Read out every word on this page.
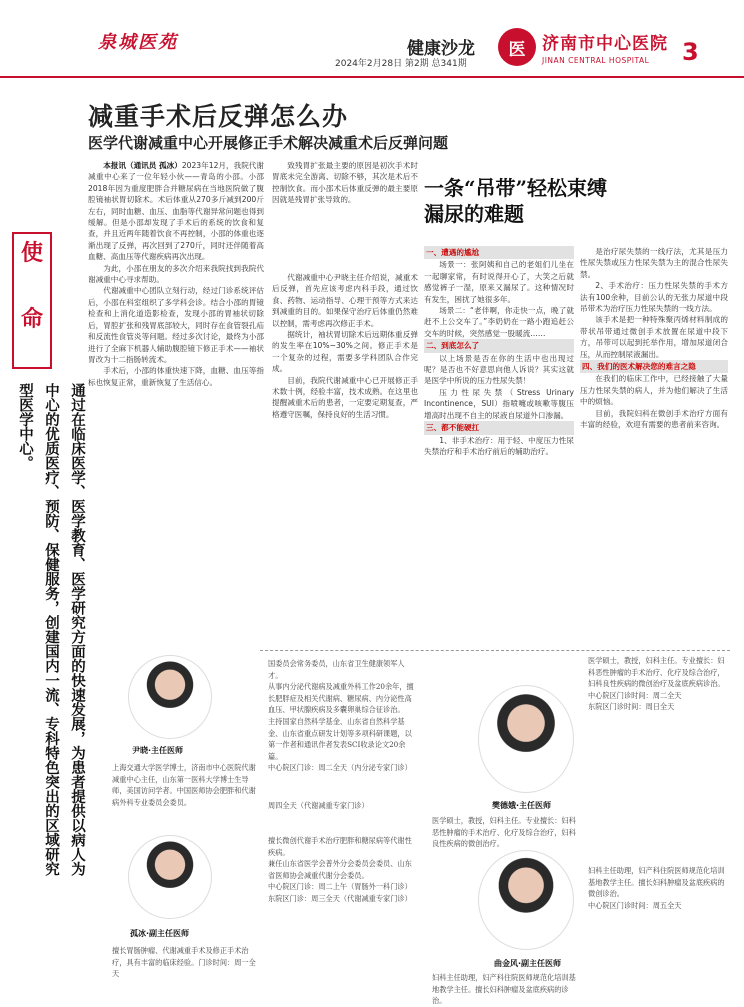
泉城医苑	健康沙龙
2024年2月28日 第2期 总341期
医 济南市中心医院
JINAN CENTRAL HOSPITAL	3
使
命
通过在临床医学、医学教育、医学研究方面的快速发展，为患者提供以病人为中心的优质医疗、预防、保健服务，创建国内一流、专科特色突出的区域研究型医学中心。
减重手术后反弹怎么办
医学代谢减重中心开展修正手术解决减重术后反弹问题

本报讯（通讯员 孤冰）2023年12月，我院代谢减重中心来了一位年轻小伙——青岛的小邵。小邵2018年因为重度肥胖合并糖尿病在当地医院做了腹腔镜袖状胃切除术。术后体重从270多斤减到200斤左右，同时血糖、血压、血脂等代谢异常问题也得到缓解。但是小邵却发现了手术后的系统的饮食和复查，并且近两年随着饮食不再控制，小邵的体重也逐渐出现了反弹，再次回到了270斤，同时还伴随着高血糖、高血压等代谢疾病再次出现。

为此，小邵在朋友的多次介绍来我院找到我院代谢减重中心寻求帮助。

代谢减重中心团队立刻行动，经过门诊系统评估后，小邵在科室组织了多学科会诊。结合小邵的胃镜检查和上消化道造影检查，发现小邵的胃袖状切除后，胃腔扩张和残胃底部较大，同时存在食管裂孔疝和反流性食管炎等问题。经过多次讨论，最终为小邵进行了全麻下机器人辅助腹腔镜下修正手术——袖状胃改为十二指肠转流术。

手术后，小邵的体重快速下降，血糖、血压等指标也恢复正常，重新恢复了生活信心。

致残胃扩张最主要的原因是初次手术时胃底未完全游离、切除不够，其次是术后不控制饮食。而小邵术后体重反弹的最主要原因就是残胃扩张导致的。

代谢减重中心尹晓主任介绍说，减重术后反弹，首先应该考虑内科手段，通过饮食、药物、运动指导、心理干预等方式来达到减重的目的。如果保守治疗后体重仍然难以控制，需考虑再次修正手术。

据统计，袖状胃切除术后远期体重反弹的发生率在10%~30%之间。修正手术是一个复杂的过程，需要多学科团队合作完成。

目前，我院代谢减重中心已开展修正手术数十例，经验丰富，技术成熟。在这里也提醒减重术后的患者，一定要定期复查，严格遵守医嘱，保持良好的生活习惯。

一条“吊带”轻松束缚漏尿的难题

一、遭遇的尴尬

场景一：张阿姨和自己的老姐们儿坐在一起聊家常，有时说得开心了，大笑之后就感觉裤子一湿，原来又漏尿了。这种情况时有发生，困扰了她很多年。

场景二：“老伴啊，你走快一点，晚了就赶不上公交车了。”李奶奶在一路小跑追赶公交车的时候，突然感觉一股暖流……

二、到底怎么了

以上场景是否在你的生活中也出现过呢？是否也不好意思向他人诉说？其实这就是医学中所说的压力性尿失禁！

压力性尿失禁（Stress Urinary Incontinence，SUI）指喷嚏或咳嗽等腹压增高时出现不自主的尿液自尿道外口渗漏。

三、都不能硬扛

1、非手术治疗：用于轻、中度压力性尿失禁治疗和手术治疗前后的辅助治疗。

是治疗尿失禁的一线疗法，尤其是压力性尿失禁或压力性尿失禁为主的混合性尿失禁。

2、手术治疗：压力性尿失禁的手术方法有100余种，目前公认的无张力尿道中段吊带术为治疗压力性尿失禁的一线方法。

该手术是把一种特殊聚丙烯材料制成的带状吊带通过微创手术放置在尿道中段下方，吊带可以起到托举作用，增加尿道闭合压，从而控制尿液漏出。

四、我们的医术解决您的难言之隐

在我们的临床工作中，已经接触了大量压力性尿失禁的病人，并为他们解决了生活中的烦恼。

目前，我院妇科在微创手术治疗方面有丰富的经验，欢迎有需要的患者前来咨询。

尹晓·主任医师
上海交通大学医学博士，济南市中心医院代谢减重中心主任，山东第一医科大学博士生导师，美国访问学者。中国医师协会肥胖和代谢病外科专业委员会委员。

国委员会常务委员，山东省卫生健康领军人才。

从事内分泌代谢病及减重外科工作20余年，擅长肥胖症及相关代谢病、糖尿病、内分泌性高血压、甲状腺疾病及多囊卵巢综合征诊治。

主持国家自然科学基金、山东省自然科学基金、山东省重点研发计划等多项科研课题，以第一作者和通讯作者发表SCI收录论文20余篇。

中心院区门诊：周二全天（内分泌专家门诊）

周四全天（代谢减重专家门诊）
孤冰·副主任医师
擅长胃肠肿瘤、代谢减重手术及修正手术治疗，具有丰富的临床经验。门诊时间：周一全天

擅长微创代谢手术治疗肥胖和糖尿病等代谢性疾病。

兼任山东省医学会普外分会委员会委员、山东省医师协会减重代谢分会委员。

中心院区门诊：周二上午（胃肠外一科门诊）

东院区门诊：周三全天（代谢减重专家门诊）

樊德娥·主任医师
医学硕士，教授，妇科主任。专业擅长：妇科恶性肿瘤的手术治疗、化疗及综合治疗，妇科良性疾病的微创治疗。

医学硕士，教授，妇科主任。专业擅长：妇科恶性肿瘤的手术治疗、化疗及综合治疗，妇科良性疾病的微创治疗及盆底疾病诊治。

中心院区门诊时间：周二全天

东院区门诊时间：周日全天

曲金风·副主任医师
妇科主任助理，妇产科住院医师规范化培训基地教学主任。擅长妇科肿瘤及盆底疾病的诊治。

妇科主任助理，妇产科住院医师规范化培训基地教学主任。擅长妇科肿瘤及盆底疾病的微创诊治。

中心院区门诊时间：周五全天
